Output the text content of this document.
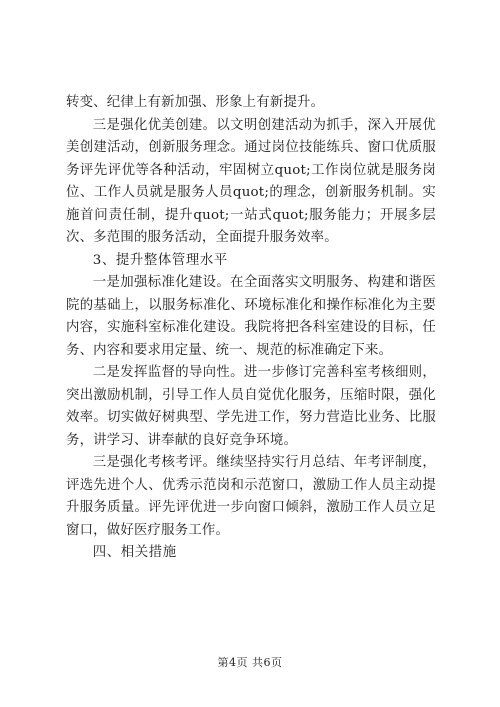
转变、纪律上有新加强、形象上有新提升。

三是强化优美创建。以文明创建活动为抓手，深入开展优美创建活动，创新服务理念。通过岗位技能练兵、窗口优质服务评先评优等各种活动，牢固树立quot;工作岗位就是服务岗位、工作人员就是服务人员quot;的理念，创新服务机制。实施首问责任制，提升quot;一站式quot;服务能力；开展多层次、多范围的服务活动，全面提升服务效率。

3、提升整体管理水平

一是加强标准化建设。在全面落实文明服务、构建和谐医院的基础上，以服务标准化、环境标准化和操作标准化为主要内容，实施科室标准化建设。我院将把各科室建设的目标，任务、内容和要求用定量、统一、规范的标准确定下来。

二是发挥监督的导向性。进一步修订完善科室考核细则，突出激励机制，引导工作人员自觉优化服务，压缩时限，强化效率。切实做好树典型、学先进工作，努力营造比业务、比服务，讲学习、讲奉献的良好竞争环境。

三是强化考核考评。继续坚持实行月总结、年考评制度，评选先进个人、优秀示范岗和示范窗口，激励工作人员主动提升服务质量。评先评优进一步向窗口倾斜，激励工作人员立足窗口，做好医疗服务工作。

四、相关措施

第4页 共6页
